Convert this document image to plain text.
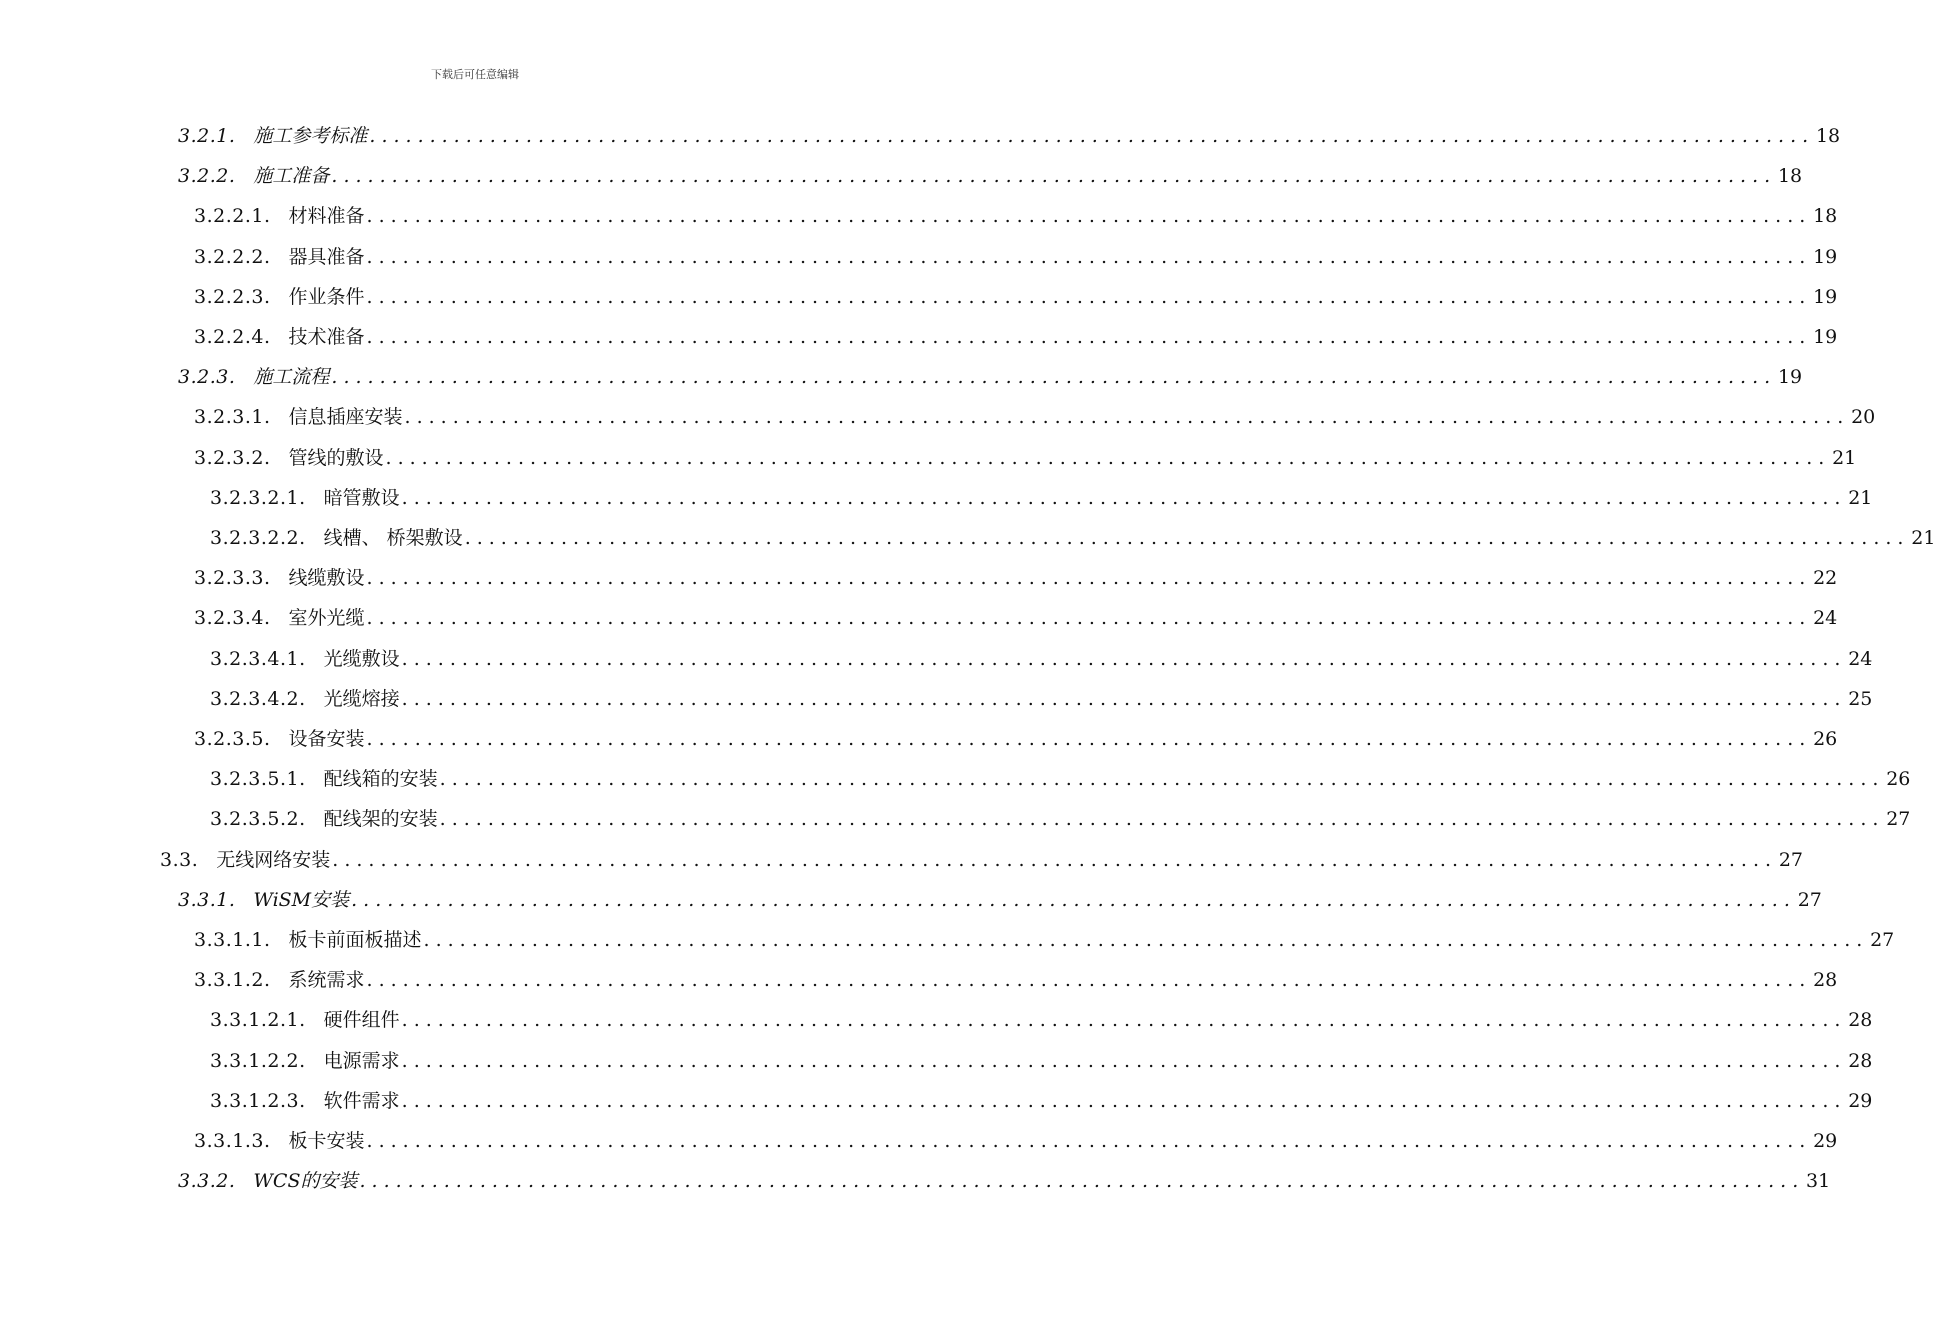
下载后可任意编辑
3.2.1. 施工参考标准 ........................................................................................................................ 18
3.2.2. 施工准备 ........................................................................................................................ 18
3.2.2.1. 材料准备 ........................................................................................................................ 18
3.2.2.2. 器具准备 ........................................................................................................................ 19
3.2.2.3. 作业条件 ........................................................................................................................ 19
3.2.2.4. 技术准备 ........................................................................................................................ 19
3.2.3. 施工流程 ........................................................................................................................ 19
3.2.3.1. 信息插座安装 ........................................................................................................................ 20
3.2.3.2. 管线的敷设 ........................................................................................................................ 21
3.2.3.2.1. 暗管敷设 ........................................................................................................................ 21
3.2.3.2.2. 线槽、 桥架敷设 ........................................................................................................................ 21
3.2.3.3. 线缆敷设 ........................................................................................................................ 22
3.2.3.4. 室外光缆 ........................................................................................................................ 24
3.2.3.4.1. 光缆敷设 ........................................................................................................................ 24
3.2.3.4.2. 光缆熔接 ........................................................................................................................ 25
3.2.3.5. 设备安装 ........................................................................................................................ 26
3.2.3.5.1. 配线箱的安装 ........................................................................................................................ 26
3.2.3.5.2. 配线架的安装 ........................................................................................................................ 27
3.3. 无线网络安装 ........................................................................................................................ 27
3.3.1. WiSM安装 ........................................................................................................................ 27
3.3.1.1. 板卡前面板描述 ........................................................................................................................ 27
3.3.1.2. 系统需求 ........................................................................................................................ 28
3.3.1.2.1. 硬件组件 ........................................................................................................................ 28
3.3.1.2.2. 电源需求 ........................................................................................................................ 28
3.3.1.2.3. 软件需求 ........................................................................................................................ 29
3.3.1.3. 板卡安装 ........................................................................................................................ 29
3.3.2. WCS的安装 ........................................................................................................................ 31
